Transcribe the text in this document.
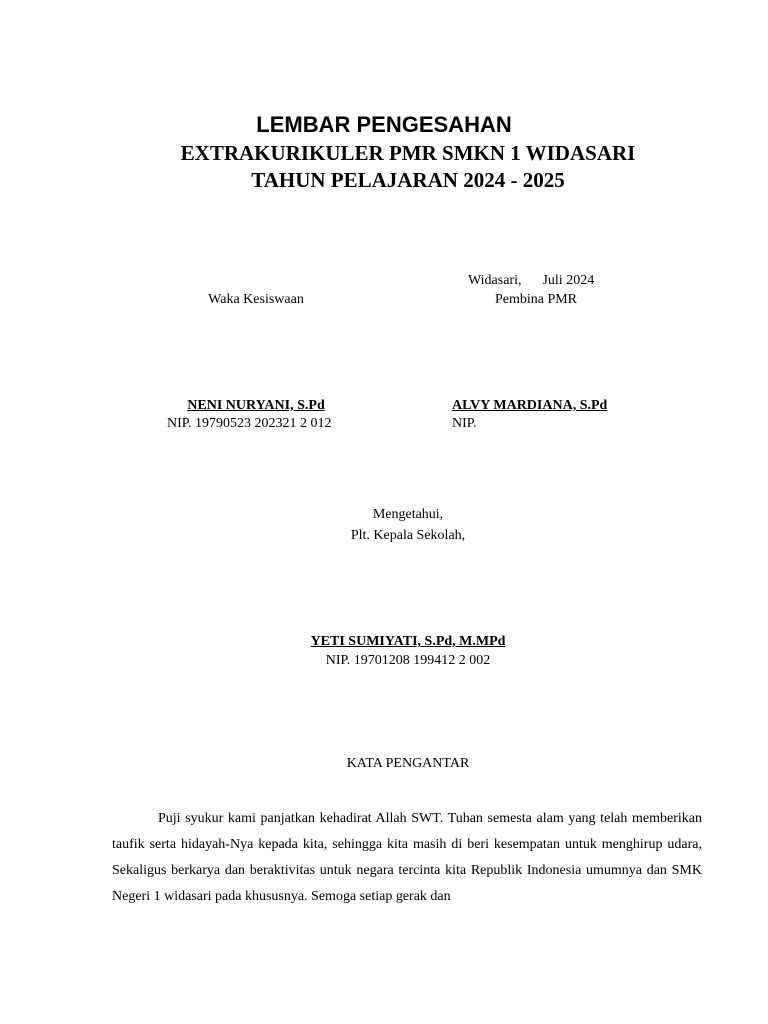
LEMBAR PENGESAHAN
EXTRAKURIKULER PMR SMKN 1 WIDASARI
TAHUN PELAJARAN 2024 - 2025
Widasari,      Juli 2024
Waka Kesiswaan	Pembina PMR
NENI NURYANI, S.Pd
NIP. 19790523 202321 2 012
ALVY MARDIANA, S.Pd
NIP.
Mengetahui,
Plt. Kepala Sekolah,
YETI SUMIYATI, S.Pd, M.MPd
NIP. 19701208 199412 2 002
KATA PENGANTAR

Puji syukur kami panjatkan kehadirat Allah SWT. Tuhan semesta alam yang telah memberikan taufik serta hidayah-Nya kepada kita, sehingga kita masih di beri kesempatan untuk menghirup udara, Sekaligus berkarya dan beraktivitas untuk negara tercinta kita Republik Indonesia umumnya dan SMK Negeri 1 widasari pada khususnya. Semoga setiap gerak dan
